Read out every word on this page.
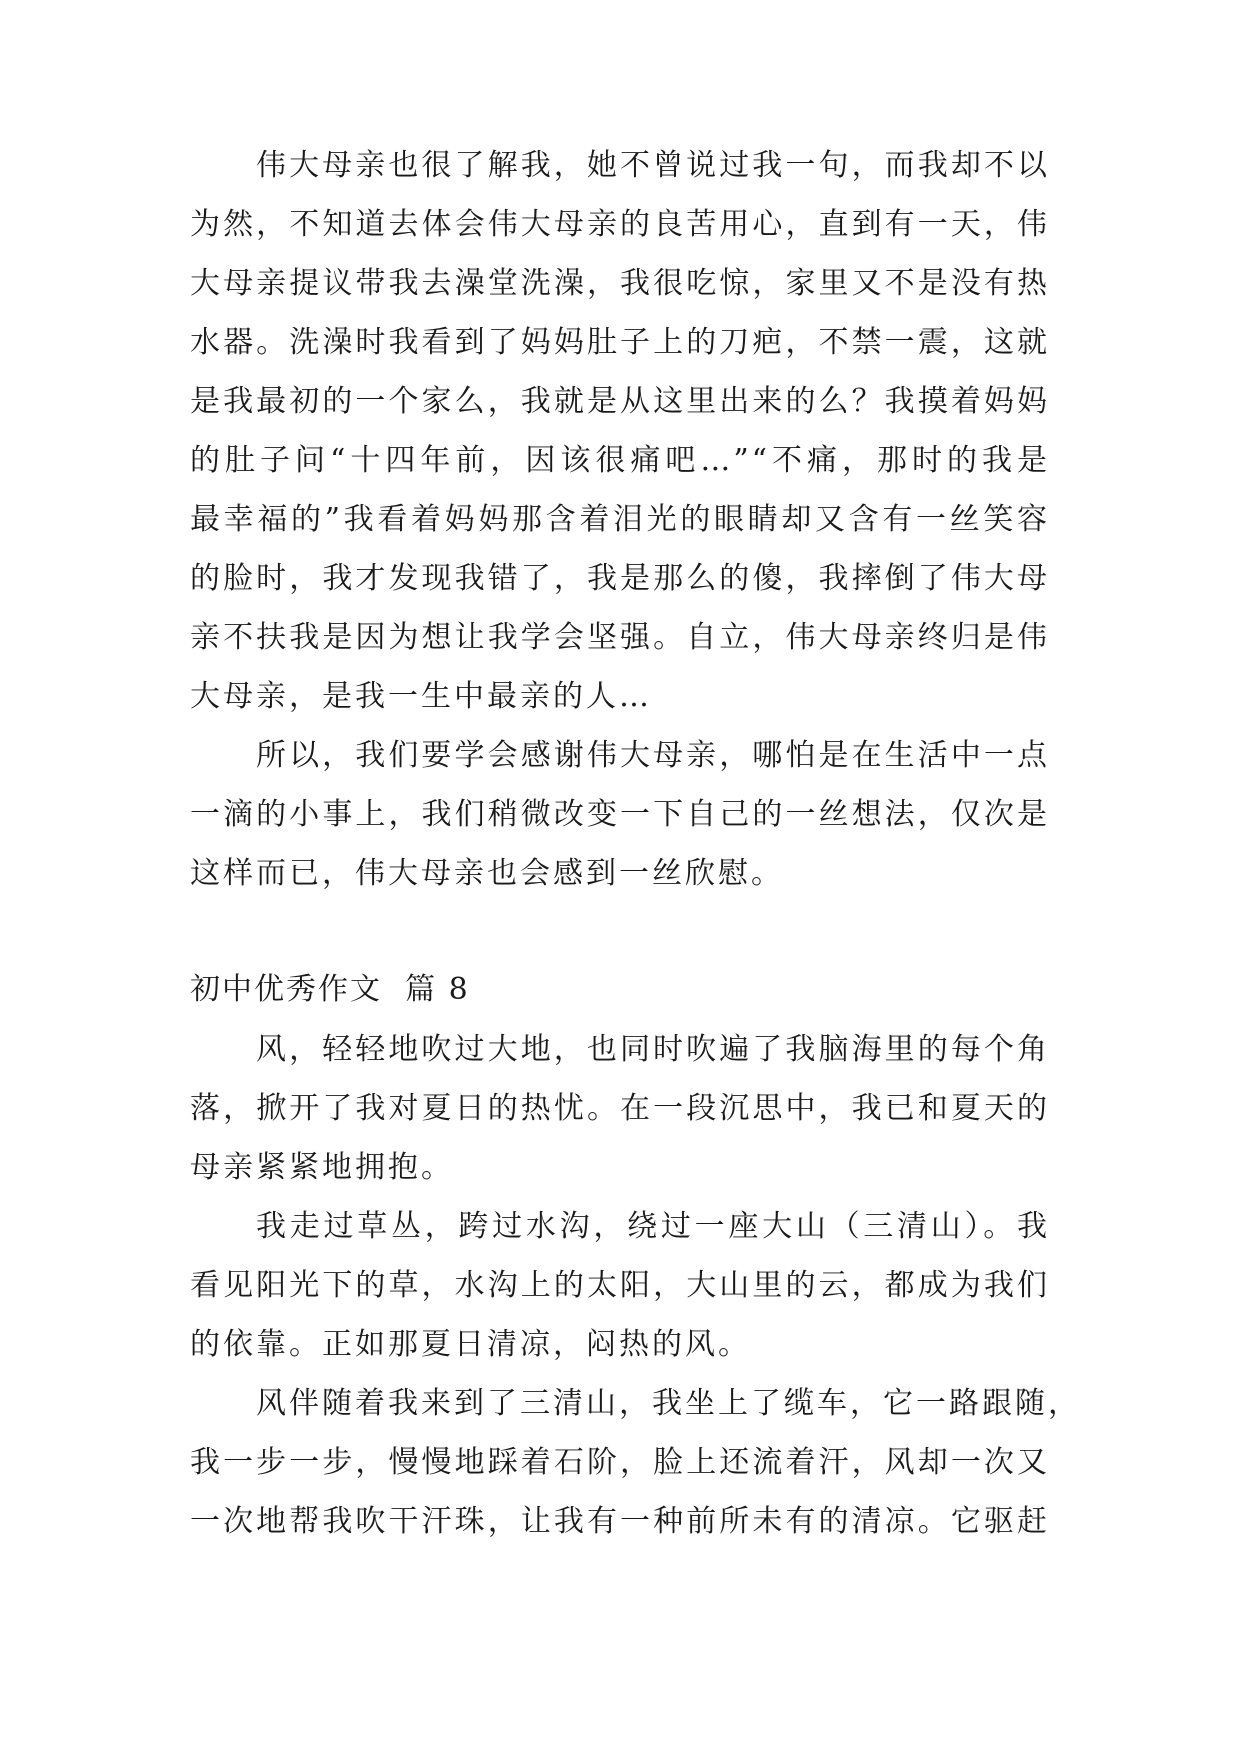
伟大母亲也很了解我，她不曾说过我一句，而我却不以
为然，不知道去体会伟大母亲的良苦用心，直到有一天，伟
大母亲提议带我去澡堂洗澡，我很吃惊，家里又不是没有热
水器。洗澡时我看到了妈妈肚子上的刀疤，不禁一震，这就
是我最初的一个家么，我就是从这里出来的么？我摸着妈妈
的肚子问“十四年前，因该很痛吧…”“不痛，那时的我是
最幸福的”我看着妈妈那含着泪光的眼睛却又含有一丝笑容
的脸时，我才发现我错了，我是那么的傻，我摔倒了伟大母
亲不扶我是因为想让我学会坚强。自立，伟大母亲终归是伟
大母亲，是我一生中最亲的人…
所以，我们要学会感谢伟大母亲，哪怕是在生活中一点
一滴的小事上，我们稍微改变一下自己的一丝想法，仅次是
这样而已，伟大母亲也会感到一丝欣慰。
初中优秀作文  篇 8
风，轻轻地吹过大地，也同时吹遍了我脑海里的每个角
落，掀开了我对夏日的热忧。在一段沉思中，我已和夏天的
母亲紧紧地拥抱。
我走过草丛，跨过水沟，绕过一座大山（三清山）。我
看见阳光下的草，水沟上的太阳，大山里的云，都成为我们
的依靠。正如那夏日清凉，闷热的风。
风伴随着我来到了三清山，我坐上了缆车，它一路跟随，
我一步一步，慢慢地踩着石阶，脸上还流着汗，风却一次又
一次地帮我吹干汗珠，让我有一种前所未有的清凉。它驱赶
